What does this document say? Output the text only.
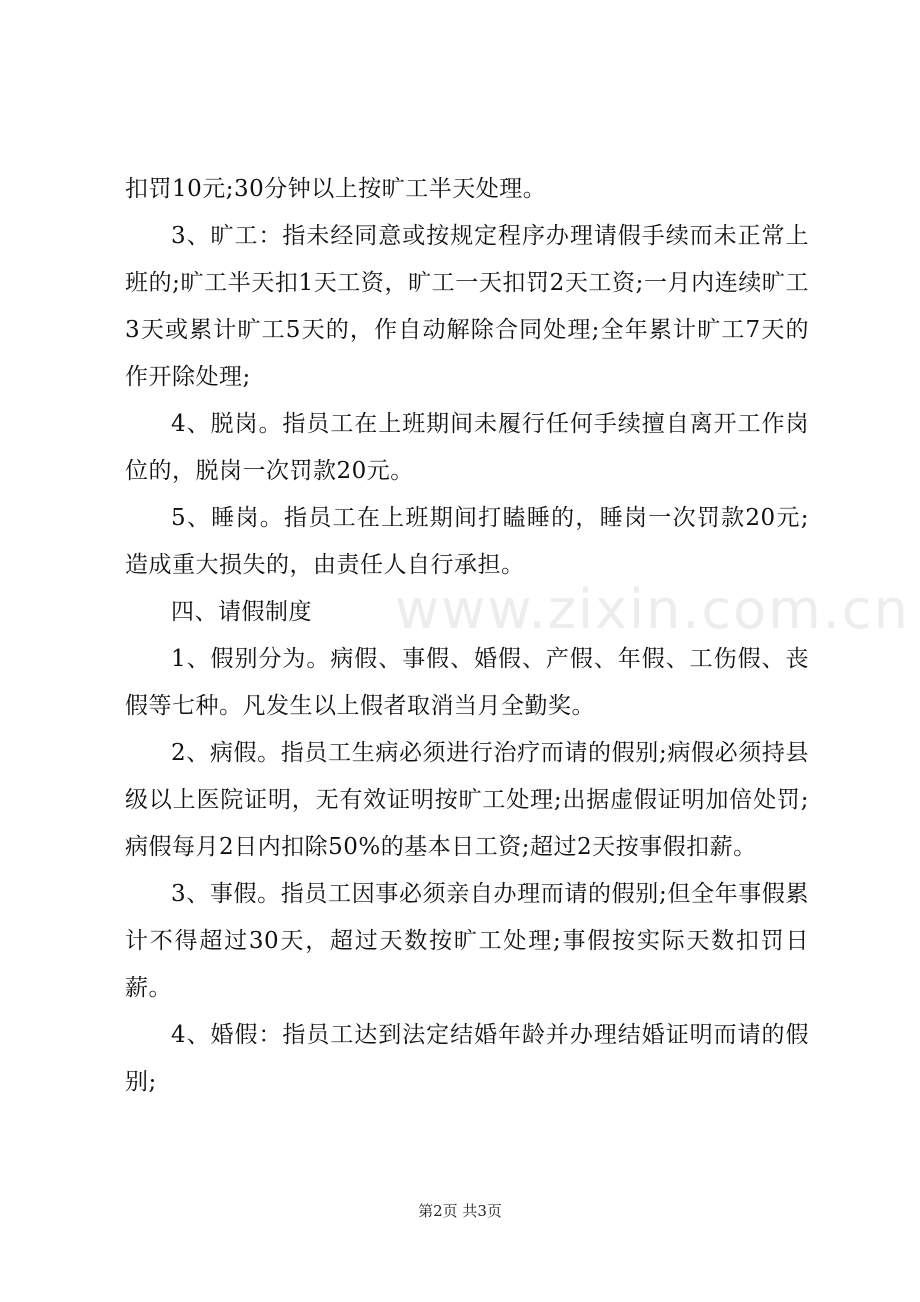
扣罚10元;30分钟以上按旷工半天处理。

3、旷工：指未经同意或按规定程序办理请假手续而未正常上班的;旷工半天扣1天工资，旷工一天扣罚2天工资;一月内连续旷工3天或累计旷工5天的，作自动解除合同处理;全年累计旷工7天的作开除处理;

4、脱岗。指员工在上班期间未履行任何手续擅自离开工作岗位的，脱岗一次罚款20元。

5、睡岗。指员工在上班期间打瞌睡的，睡岗一次罚款20元;造成重大损失的，由责任人自行承担。

四、请假制度

1、假别分为。病假、事假、婚假、产假、年假、工伤假、丧假等七种。凡发生以上假者取消当月全勤奖。

2、病假。指员工生病必须进行治疗而请的假别;病假必须持县级以上医院证明，无有效证明按旷工处理;出据虚假证明加倍处罚;病假每月2日内扣除50%的基本日工资;超过2天按事假扣薪。

3、事假。指员工因事必须亲自办理而请的假别;但全年事假累计不得超过30天，超过天数按旷工处理;事假按实际天数扣罚日薪。

4、婚假：指员工达到法定结婚年龄并办理结婚证明而请的假别;

www.zixin.com.cn
第2页 共3页
